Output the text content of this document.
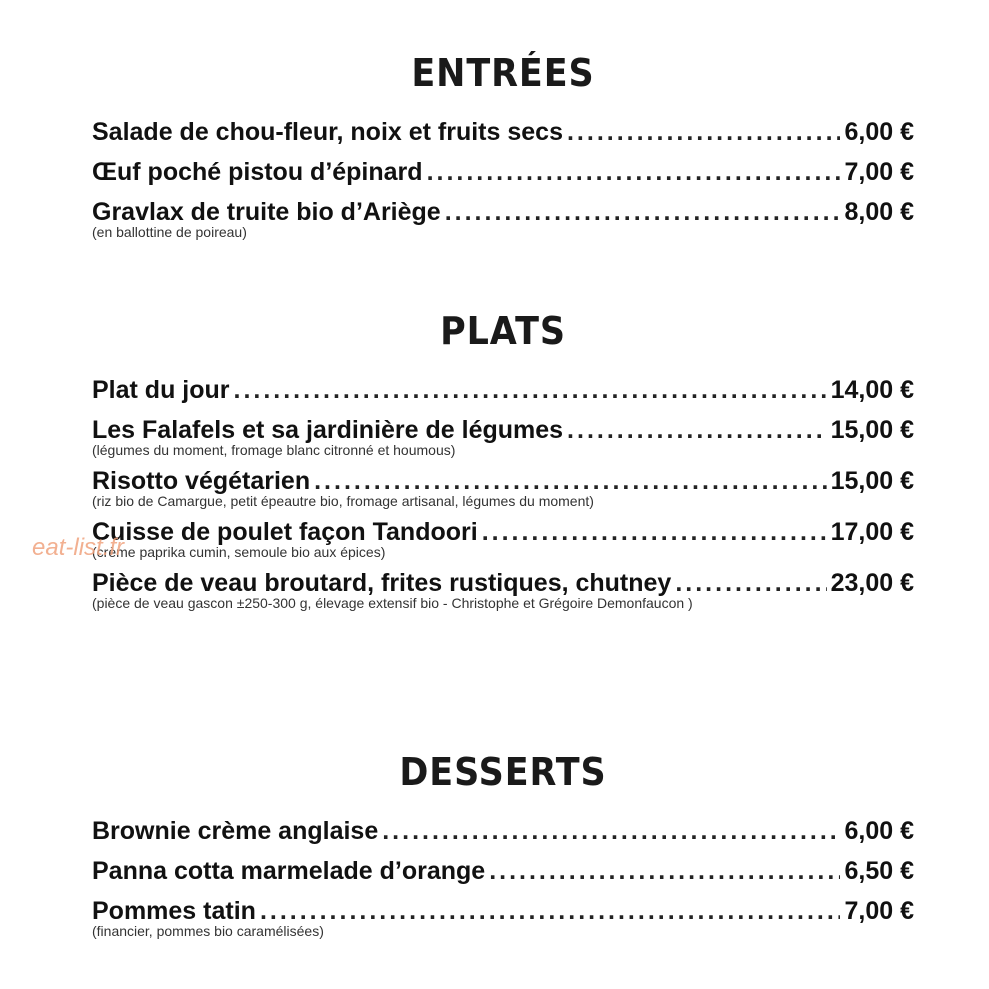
ENTRÉES
Salade de chou-fleur, noix et fruits secs .....	6,00 €
Œuf poché pistou d’épinard .....	7,00 €
Gravlax de truite bio d’Ariège .....	8,00 €
(en ballottine de poireau)
PLATS
Plat du jour .....	14,00 €
Les Falafels et sa jardinière de légumes .....	15,00 €
(légumes du moment, fromage blanc citronné et houmous)
Risotto végétarien .....	15,00 €
(riz bio de Camargue, petit épeautre bio, fromage artisanal, légumes du moment)
Cuisse de poulet façon Tandoori .....	17,00 €
(crème paprika cumin, semoule bio aux épices)
Pièce de veau broutard, frites rustiques, chutney .....	23,00 €
(pièce de veau gascon ±250-300 g, élevage extensif bio - Christophe et Grégoire Demonfaucon )
DESSERTS
Brownie crème anglaise .....	6,00 €
Panna cotta marmelade d’orange .....	6,50 €
Pommes tatin .....	7,00 €
(financier, pommes bio caramélisées)
eat-list.fr
